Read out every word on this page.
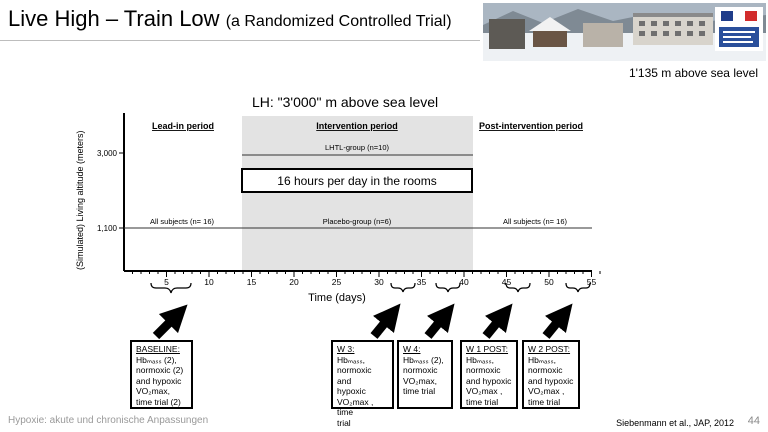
Live High – Train Low (a Randomized Controlled Trial)
1'135 m above sea level
LH: "3'000" m above sea level
(Simulated) Living altitude (meters) 3,000
1,100
Lead-in period	Intervention period	Post-intervention period
LHTL-group (n=10)
16 hours per day in the rooms
All subjects (n= 16)	Placebo-group (n=6)	All subjects (n= 16)
5	10	15	20	25	30	35	40	45	50	55
Time (days)
BASELINE:
Hbₘₐₛₛ (2),
normoxic (2)
and hypoxic
VO₂max,
time trial (2)
W 3:
Hbₘₐₛₛ,
normoxic and
hypoxic
VO₂max , time
trial
W 4:
Hbₘₐₛₛ (2),
normoxic
VO₂max,
time trial
W 1 POST:
Hbₘₐₛₛ,
normoxic
and hypoxic
VO₂max ,
time trial
W 2 POST:
Hbₘₐₛₛ,
normoxic
and hypoxic
VO₂max ,
time trial
Hypoxie: akute und chronische Anpassungen	Siebenmann et al., JAP, 2012 44
